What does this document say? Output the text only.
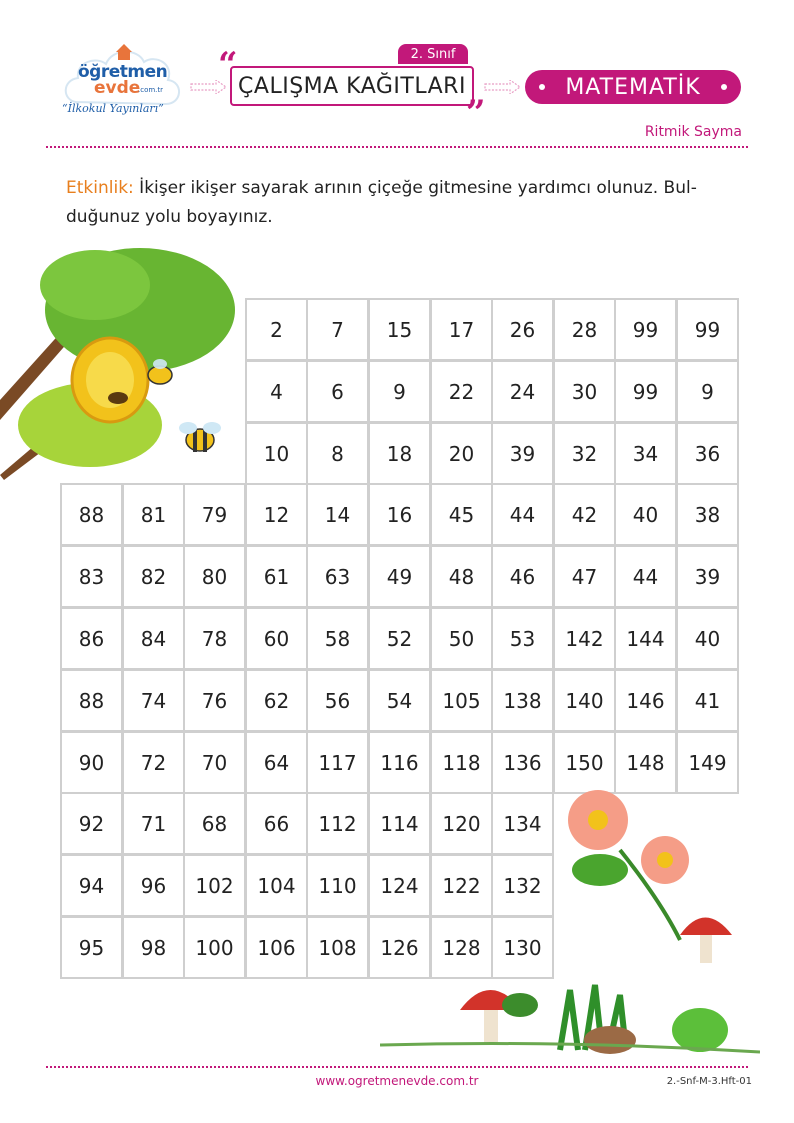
öğretmen
evde
.com.tr
“İlkokul Yayınları”
2. Sınıf
“
ÇALIŞMA KAĞITLARI
”
MATEMATİK
Ritmik Sayma
Etkinlik: İkişer ikişer sayarak arının çiçeğe gitmesine yardımcı olunuz. Bul-duğunuz yolu boyayınız.
2	7	15	17	26	28	99	99
4	6	9	22	24	30	99	9
10	8	18	20	39	32	34	36
88	81	79	12	14	16	45	44	42	40	38
83	82	80	61	63	49	48	46	47	44	39
86	84	78	60	58	52	50	53	142	144	40
88	74	76	62	56	54	105	138	140	146	41
90	72	70	64	117	116	118	136	150	148	149
92	71	68	66	112	114	120	134
94	96	102	104	110	124	122	132
95	98	100	106	108	126	128	130
www.ogretmenevde.com.tr	2.-Snf-M-3.Hft-01
